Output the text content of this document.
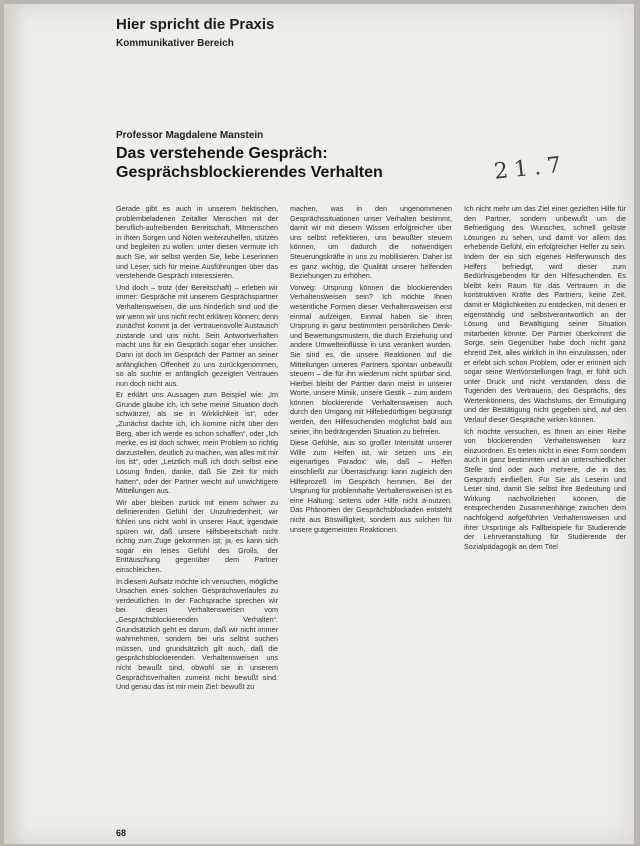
Hier spricht die Praxis
Kommunikativer Bereich
Professor Magdalene Manstein
Das verstehende Gespräch:
Gesprächsblockierendes Verhalten	21.7

Gerade gibt es auch in unserem hektischen, problembeladenen Zeitalter Menschen mit der beruflich-aufreibenden Bereitschaft, Mitmenschen in ihren Sorgen und Nöten weiterzuhelfen, stützen und begleiten zu wollen: unter diesen vermute ich auch Sie, wir selbst werden Sie, liebe Leserinnen und Leser, sich für meine Ausführungen über das verstehende Gespräch interessieren.

Und doch – trotz (der Bereitschaft) – erleben wir immer: Gespräche mit unserem Gesprächspartner Verhaltensweisen, die uns hinderlich sind und die wir wenn wir uns nicht recht erklären können; denn zunächst kommt ja der vertrauensvolle Austausch zustande und uns nicht. Sein Antwortverhalten macht uns für ein Gespräch sogar eher unsicher. Dann ist doch im Gespräch der Partner an seiner anfänglichen Offenheit zu uns zurückgenommen, so als suchte er anfänglich gezeigten Vertrauen nun doch nicht aus.

Er erklärt uns Aussagen zum Beispiel wie: „Im Grunde glaube ich, ich sehe meine Situation doch schwärzer, als sie in Wirklichkeit ist“, oder „Zunächst dachte ich, ich komme nicht über den Berg, aber ich werde es schon schaffen“, oder „Ich merke, es ist doch schwer, mein Problem so richtig darzustellen, deutlich zu machen, was alles mit mir los ist“, oder „Letztlich muß ich doch selbst eine Lösung finden, danke, daß Sie Zeit für mich hatten“, oder der Partner weicht auf unwichtigere Mitteilungen aus.

Wir aber bleiben zurück mit einem schwer zu definierenden Gefühl der Unzufriedenheit, wir fühlen uns nicht wohl in unserer Haut; irgendwie spüren wir, daß unsere Hilfsbereitschaft nicht richtig zum Zuge gekommen ist; ja, es kann sich sogar ein leises Gefühl des Grolls, der Enttäuschung gegenüber dem Partner einschleichen.

In diesem Aufsatz möchte ich versuchen, mögliche Ursachen eines solchen Gesprächsverlaufes zu verdeutlichen. In der Fachsprache sprechen wir bei diesen Verhaltensweisen vom „Gesprächsblockierenden Verhalten“. Grundsätzlich geht es darum, daß wir nicht immer wahrnehmen, sondern bei uns selbst suchen müssen, und grundsätzlich gilt auch, daß die gesprächsblockierenden Verhaltensweisen uns nicht bewußt sind, obwohl sie in unserem Gesprächsverhalten zumeist nicht bewußt sind. Und genau das ist mir mein Ziel: bewußt zu

machen, was in den ungenommenen Gesprächssituationen unser Verhalten bestimmt, damit wir mit diesem Wissen erfolgreicher über uns selbst reflektieren, uns bewußter steuern können, um dadurch die notwendigen Steuerungskräfte in uns zu mobilisieren. Daher ist es ganz wichtig, die Qualität unserer helfenden Beziehungen zu erhöhen.

Vorweg: Ursprung können die blockierenden Verhaltensweisen sein? Ich möchte Ihnen wesentliche Formen dieser Verhaltensweisen erst einmal aufzeigen. Einmal haben sie ihren Ursprung in ganz bestimmten persönlichen Denk- und Bewertungsmustern, die durch Erziehung und andere Umwelteinflüsse in uns verankert wurden. Sie sind es, die unsere Reaktionen auf die Mitteilungen unseres Partners spontan unbewußt steuern – die für ihn wiederum nicht spürbar sind. Hierbei bleibt der Partner dann meist in unserer Worte, unsere Mimik, unsere Gestik – zum andern können blockierende Verhaltensweisen auch durch den Umgang mit Hilfebedürftigen begünstigt werden, den Hilfesuchenden möglichst bald aus seiner, ihn bedrängenden Situation zu befreien.

Diese Gefühle, aus so großer Intensität unserer Wille zum Helfen ist, wir setzen uns ein eigenartiges Paradox: wie, daß – Helfen einschließt zur Überraschung: kann zugleich den Hilfeprozeß im Gespräch hemmen. Bei der Ursprung für problemhafte Verhaltensweisen ist es eine Haltung: seitens oder Hilfe nicht a-nutzen. Das Phänomen der Gesprächsblockaden entsteht nicht aus Böswilligkeit, sondern aus solchen für unsere gutgemeinten Reaktionen.

Ich nicht mehr um das Ziel einer gezielten Hilfe für den Partner, sondern unbewußt um die Befriedigung des Wunsches, schnell gelöste Lösungen zu sehen, und damit vor allem das erhebende Gefühl, ein erfolgreicher Helfer zu sein. Indem der ein sich eigenes Helferwunsch des Helfers befriedigt, wird dieser zum Bedürfnisgebenden für den Hilfesuchenden. Es bleibt kein Raum für das Vertrauen in die konstruktiven Kräfte des Partners, keine Zeit, damit er Möglichkeiten zu entdecken, mit denen er eigenständig und selbstverantwortlich an der Lösung und Bewältigung seiner Situation mitarbeiten könnte. Der Partner überkommt die Sorge, sein Gegenüber habe doch nicht ganz ehrend Zeit, alles wirklich in ihn einzulassen, oder er erlebt sich schon Problem, oder er erinnert sich sogar seine Wertvorstellungen fragt, er fühlt sich unter Druck und nicht verstanden, dass die Tugenden des Vertrauens, des Gesprächs, des Wertenkönnens, des Wachstums, der Ermutigung und der Bestätigung nicht gegeben sind, auf den Verlauf dieser Gespräche wirken können.

Ich möchte versuchen, es Ihnen an einer Reihe von blockierenden Verhaltensweisen kurz einzuordnen. Es treten nicht in einer Form sondern auch in ganz bestimmten und an unterschiedlicher Stelle sind oder auch mehrere, die in das Gespräch einfließen. Für Sie als Leserin und Leser sind, damit Sie selbst ihre Bedeutung und Wirkung nachvollziehen können, die entsprechenden Zusammenhänge zwischen dem nachfolgend aufgeführten Verhaltensweisen und ihrer Ursprünge als Fallbeispiele für Studierende der Lehrveranstaltung für Studierende der Sozialpädagogik an dem Titel

68
